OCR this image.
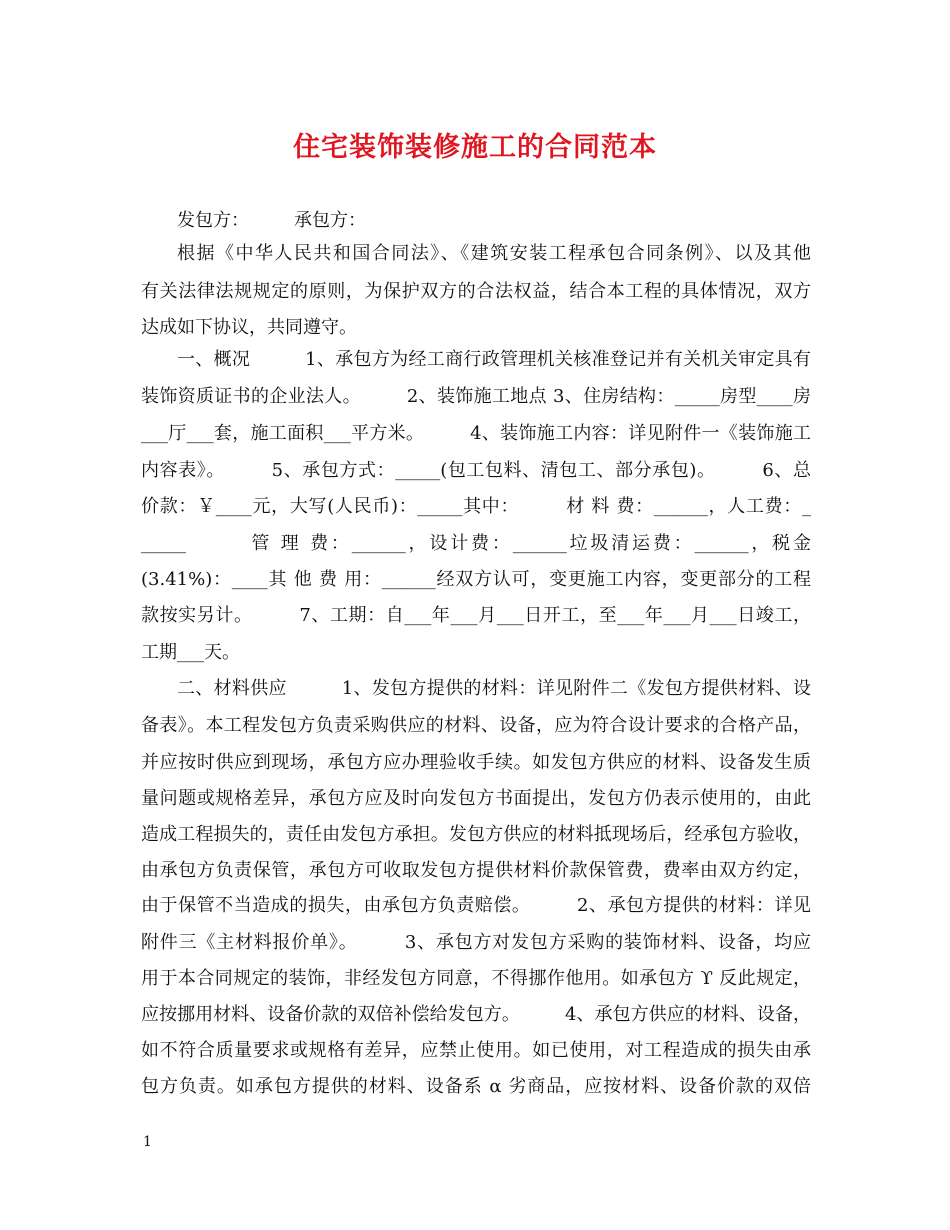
住宅装饰装修施工的合同范本
发包方：　　　承包方：
根据《中华人民共和国合同法》、《建筑安装工程承包合同条例》、以及其他
有关法律法规规定的原则，为保护双方的合法权益，结合本工程的具体情况，双方
达成如下协议，共同遵守。
一、概况　　　1、承包方为经工商行政管理机关核准登记并有关机关审定具有
装饰资质证书的企业法人。　　　2、装饰施工地点 3、住房结构：_____房型____房
___厅___套，施工面积___平方米。　　　4、装饰施工内容：详见附件一《装饰施工
内容表》。　　　5、承包方式：_____(包工包料、清包工、部分承包)。　　　6、总
价款：￥____元，大写(人民币)：_____其中：　　　材 料 费：______，人工费：_
_____　　　管 理 费：______，设计费：______垃圾清运费：______，税金
(3.41%)：____其 他 费 用：______经双方认可，变更施工内容，变更部分的工程
款按实另计。　　　7、工期：自___年___月___日开工，至___年___月___日竣工，
工期___天。
二、材料供应　　　1、发包方提供的材料：详见附件二《发包方提供材料、设
备表》。本工程发包方负责采购供应的材料、设备，应为符合设计要求的合格产品，
并应按时供应到现场，承包方应办理验收手续。如发包方供应的材料、设备发生质
量问题或规格差异，承包方应及时向发包方书面提出，发包方仍表示使用的，由此
造成工程损失的，责任由发包方承担。发包方供应的材料抵现场后，经承包方验收，
由承包方负责保管，承包方可收取发包方提供材料价款保管费，费率由双方约定，
由于保管不当造成的损失，由承包方负责赔偿。　　　2、承包方提供的材料：详见
附件三《主材料报价单》。　　　3、承包方对发包方采购的装饰材料、设备，均应
用于本合同规定的装饰，非经发包方同意，不得挪作他用。如承包方 ϒ 反此规定，
应按挪用材料、设备价款的双倍补偿给发包方。　　　4、承包方供应的材料、设备，
如不符合质量要求或规格有差异，应禁止使用。如已使用，对工程造成的损失由承
包方负责。如承包方提供的材料、设备系 α 劣商品，应按材料、设备价款的双倍
1
